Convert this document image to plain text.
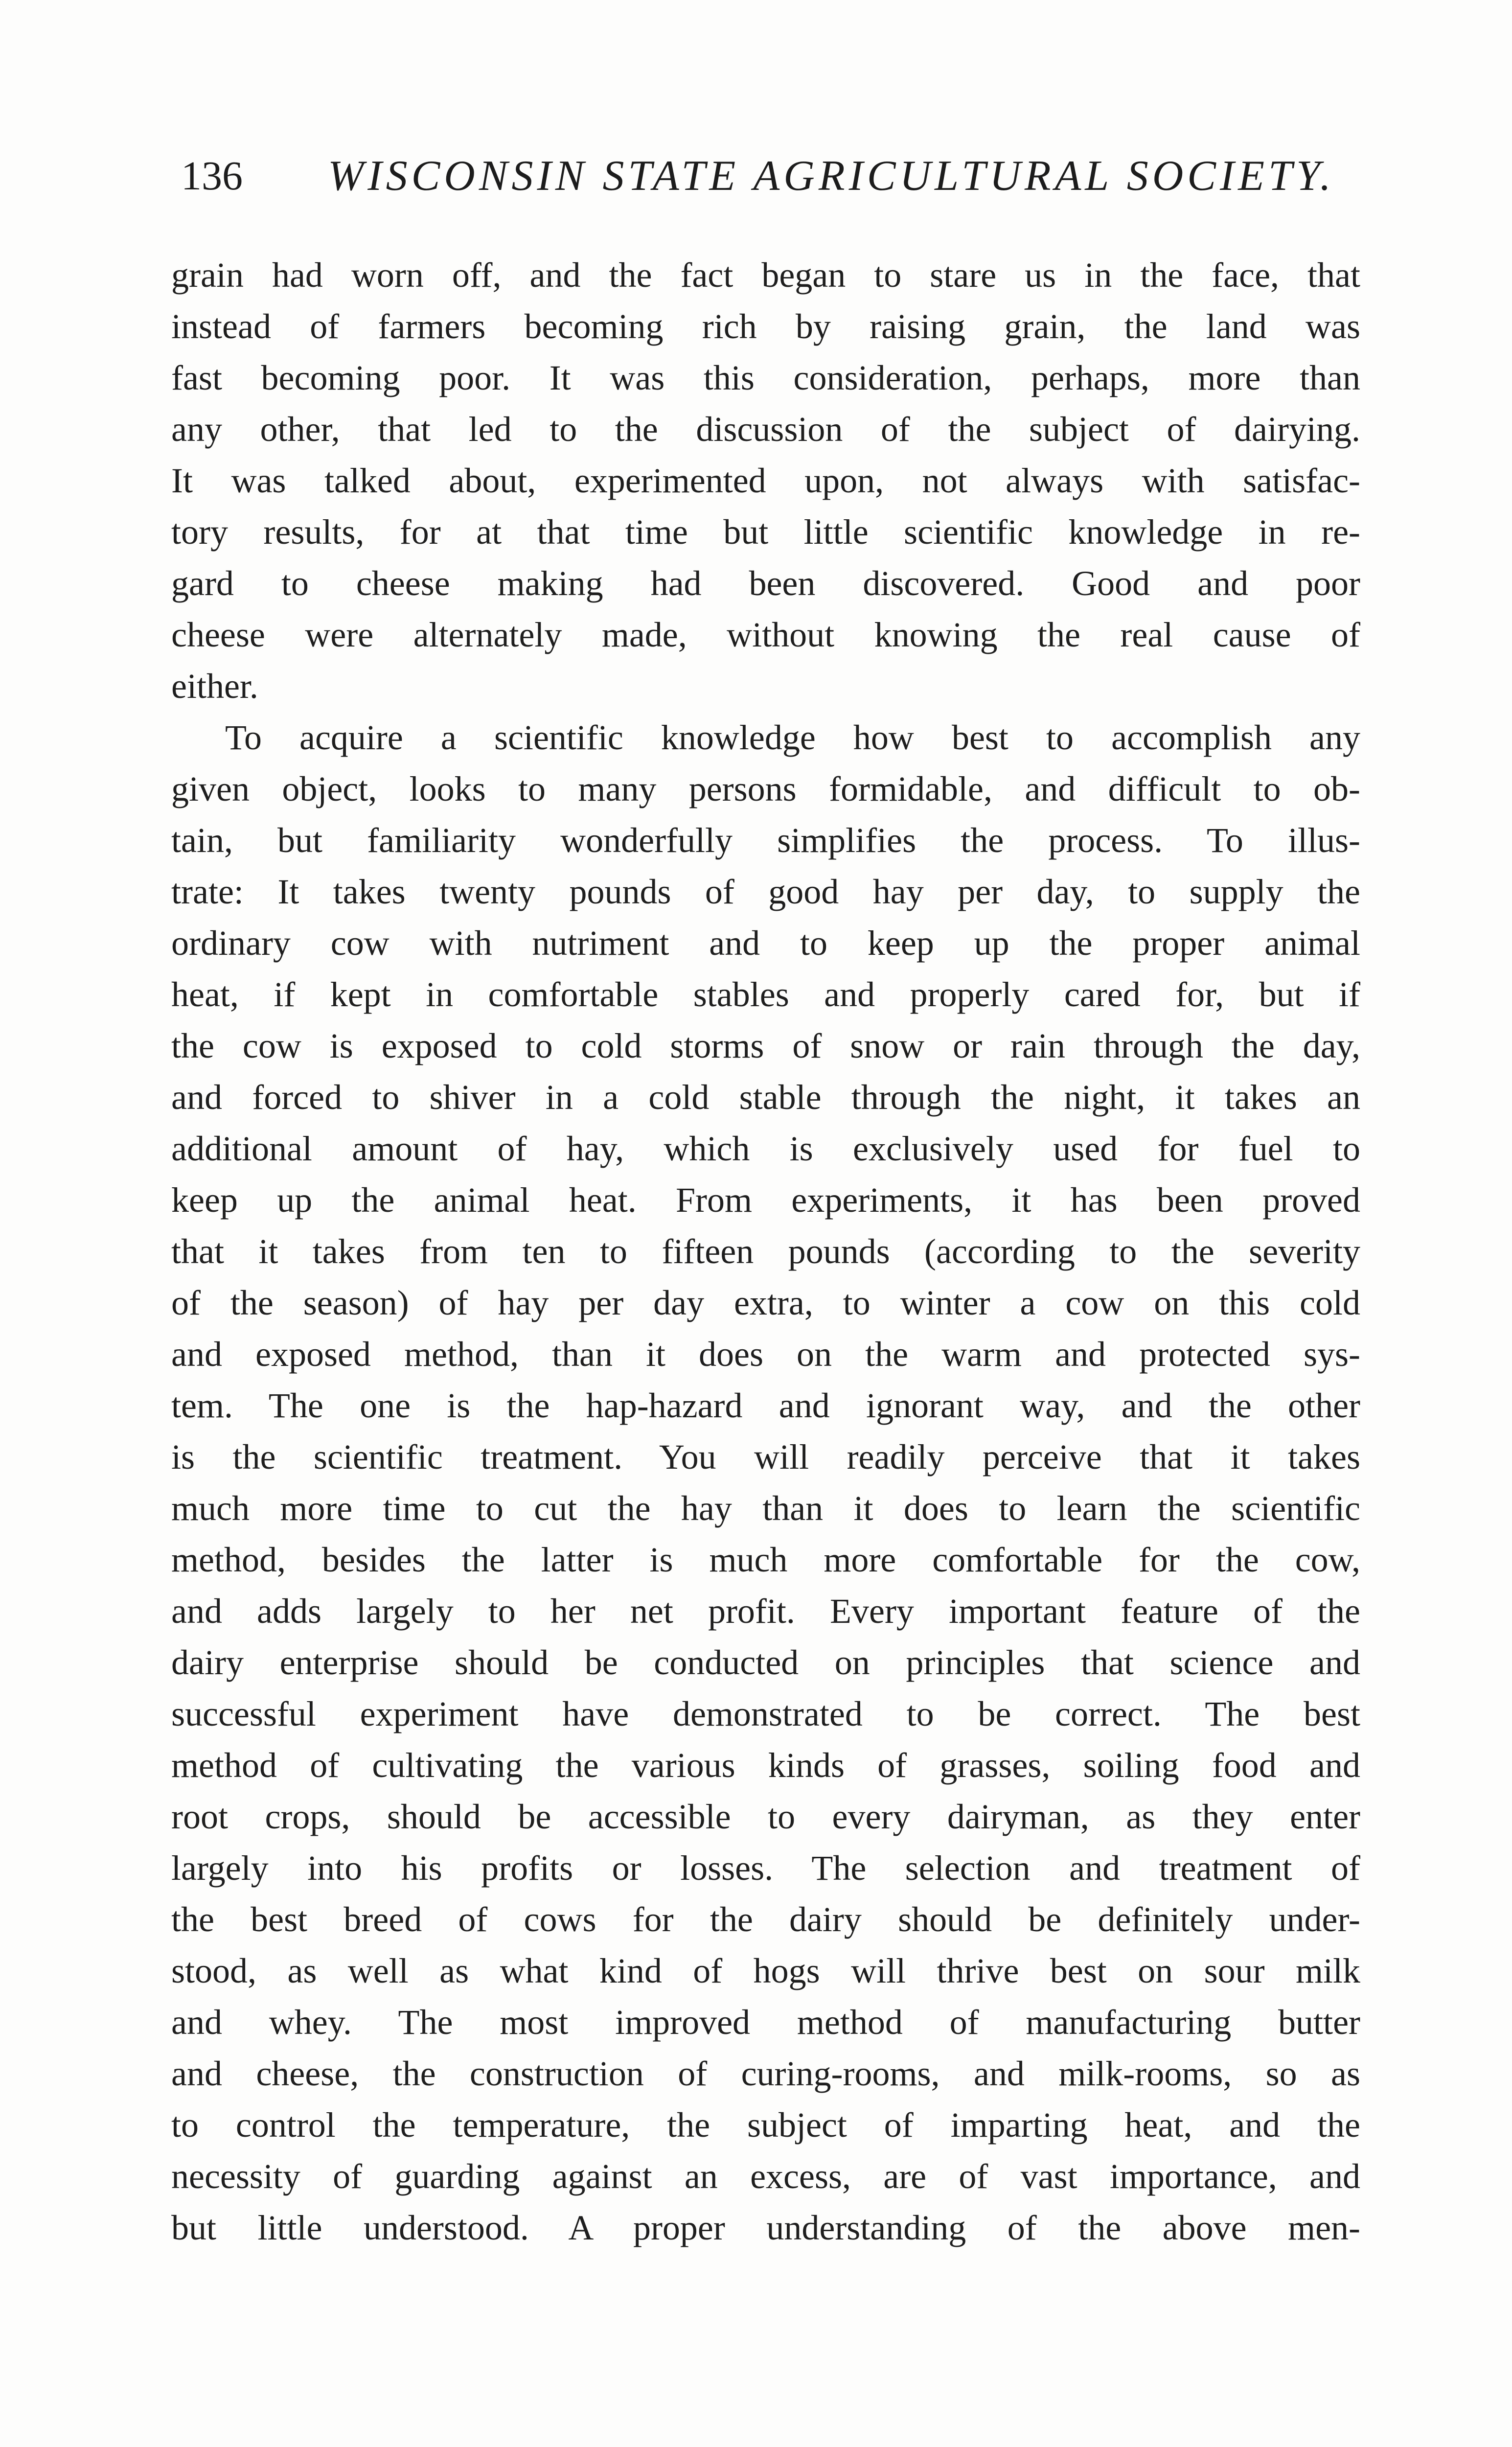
136 WISCONSIN STATE AGRICULTURAL SOCIETY.
grain had worn off, and the fact began to stare us in the face, that
instead of farmers becoming rich by raising grain, the land was
fast becoming poor. It was this consideration, perhaps, more than
any other, that led to the discussion of the subject of dairying.
It was talked about, experimented upon, not always with satisfac-
tory results, for at that time but little scientific knowledge in re-
gard to cheese making had been discovered. Good and poor
cheese were alternately made, without knowing the real cause of
either.
To acquire a scientific knowledge how best to accomplish any
given object, looks to many persons formidable, and difficult to ob-
tain, but familiarity wonderfully simplifies the process. To illus-
trate: It takes twenty pounds of good hay per day, to supply the
ordinary cow with nutriment and to keep up the proper animal
heat, if kept in comfortable stables and properly cared for, but if
the cow is exposed to cold storms of snow or rain through the day,
and forced to shiver in a cold stable through the night, it takes an
additional amount of hay, which is exclusively used for fuel to
keep up the animal heat. From experiments, it has been proved
that it takes from ten to fifteen pounds (according to the severity
of the season) of hay per day extra, to winter a cow on this cold
and exposed method, than it does on the warm and protected sys-
tem. The one is the hap-hazard and ignorant way, and the other
is the scientific treatment. You will readily perceive that it takes
much more time to cut the hay than it does to learn the scientific
method, besides the latter is much more comfortable for the cow,
and adds largely to her net profit. Every important feature of the
dairy enterprise should be conducted on principles that science and
successful experiment have demonstrated to be correct. The best
method of cultivating the various kinds of grasses, soiling food and
root crops, should be accessible to every dairyman, as they enter
largely into his profits or losses. The selection and treatment of
the best breed of cows for the dairy should be definitely under-
stood, as well as what kind of hogs will thrive best on sour milk
and whey. The most improved method of manufacturing butter
and cheese, the construction of curing-rooms, and milk-rooms, so as
to control the temperature, the subject of imparting heat, and the
necessity of guarding against an excess, are of vast importance, and
but little understood. A proper understanding of the above men-
